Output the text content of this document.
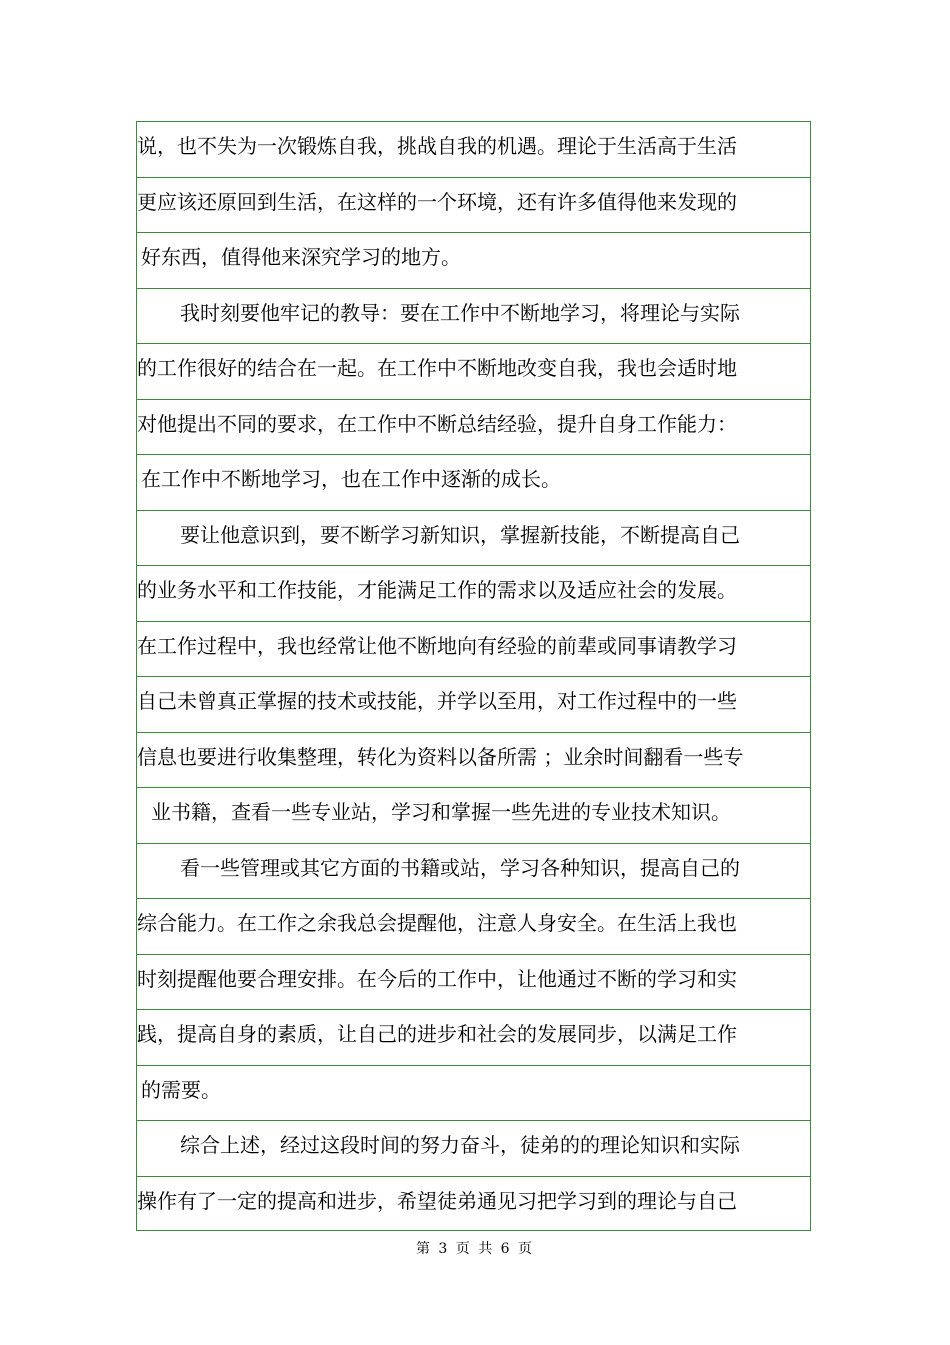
说，也不失为一次锻炼自我，挑战自我的机遇。理论于生活高于生活
更应该还原回到生活，在这样的一个环境，还有许多值得他来发现的
好东西，值得他来深究学习的地方。
我时刻要他牢记的教导：要在工作中不断地学习，将理论与实际
的工作很好的结合在一起。在工作中不断地改变自我，我也会适时地
对他提出不同的要求，在工作中不断总结经验，提升自身工作能力：
在工作中不断地学习，也在工作中逐渐的成长。
要让他意识到，要不断学习新知识，掌握新技能，不断提高自己
的业务水平和工作技能，才能满足工作的需求以及适应社会的发展。
在工作过程中，我也经常让他不断地向有经验的前辈或同事请教学习
自己未曾真正掌握的技术或技能，并学以至用，对工作过程中的一些
信息也要进行收集整理，转化为资料以备所需 ；业余时间翻看一些专
业书籍，查看一些专业站，学习和掌握一些先进的专业技术知识。
看一些管理或其它方面的书籍或站，学习各种知识，提高自己的
综合能力。在工作之余我总会提醒他，注意人身安全。在生活上我也
时刻提醒他要合理安排。在今后的工作中，让他通过不断的学习和实
践，提高自身的素质，让自己的进步和社会的发展同步，以满足工作
的需要。
综合上述，经过这段时间的努力奋斗，徒弟的的理论知识和实际
操作有了一定的提高和进步，希望徒弟通见习把学习到的理论与自己
第 3 页 共 6 页
